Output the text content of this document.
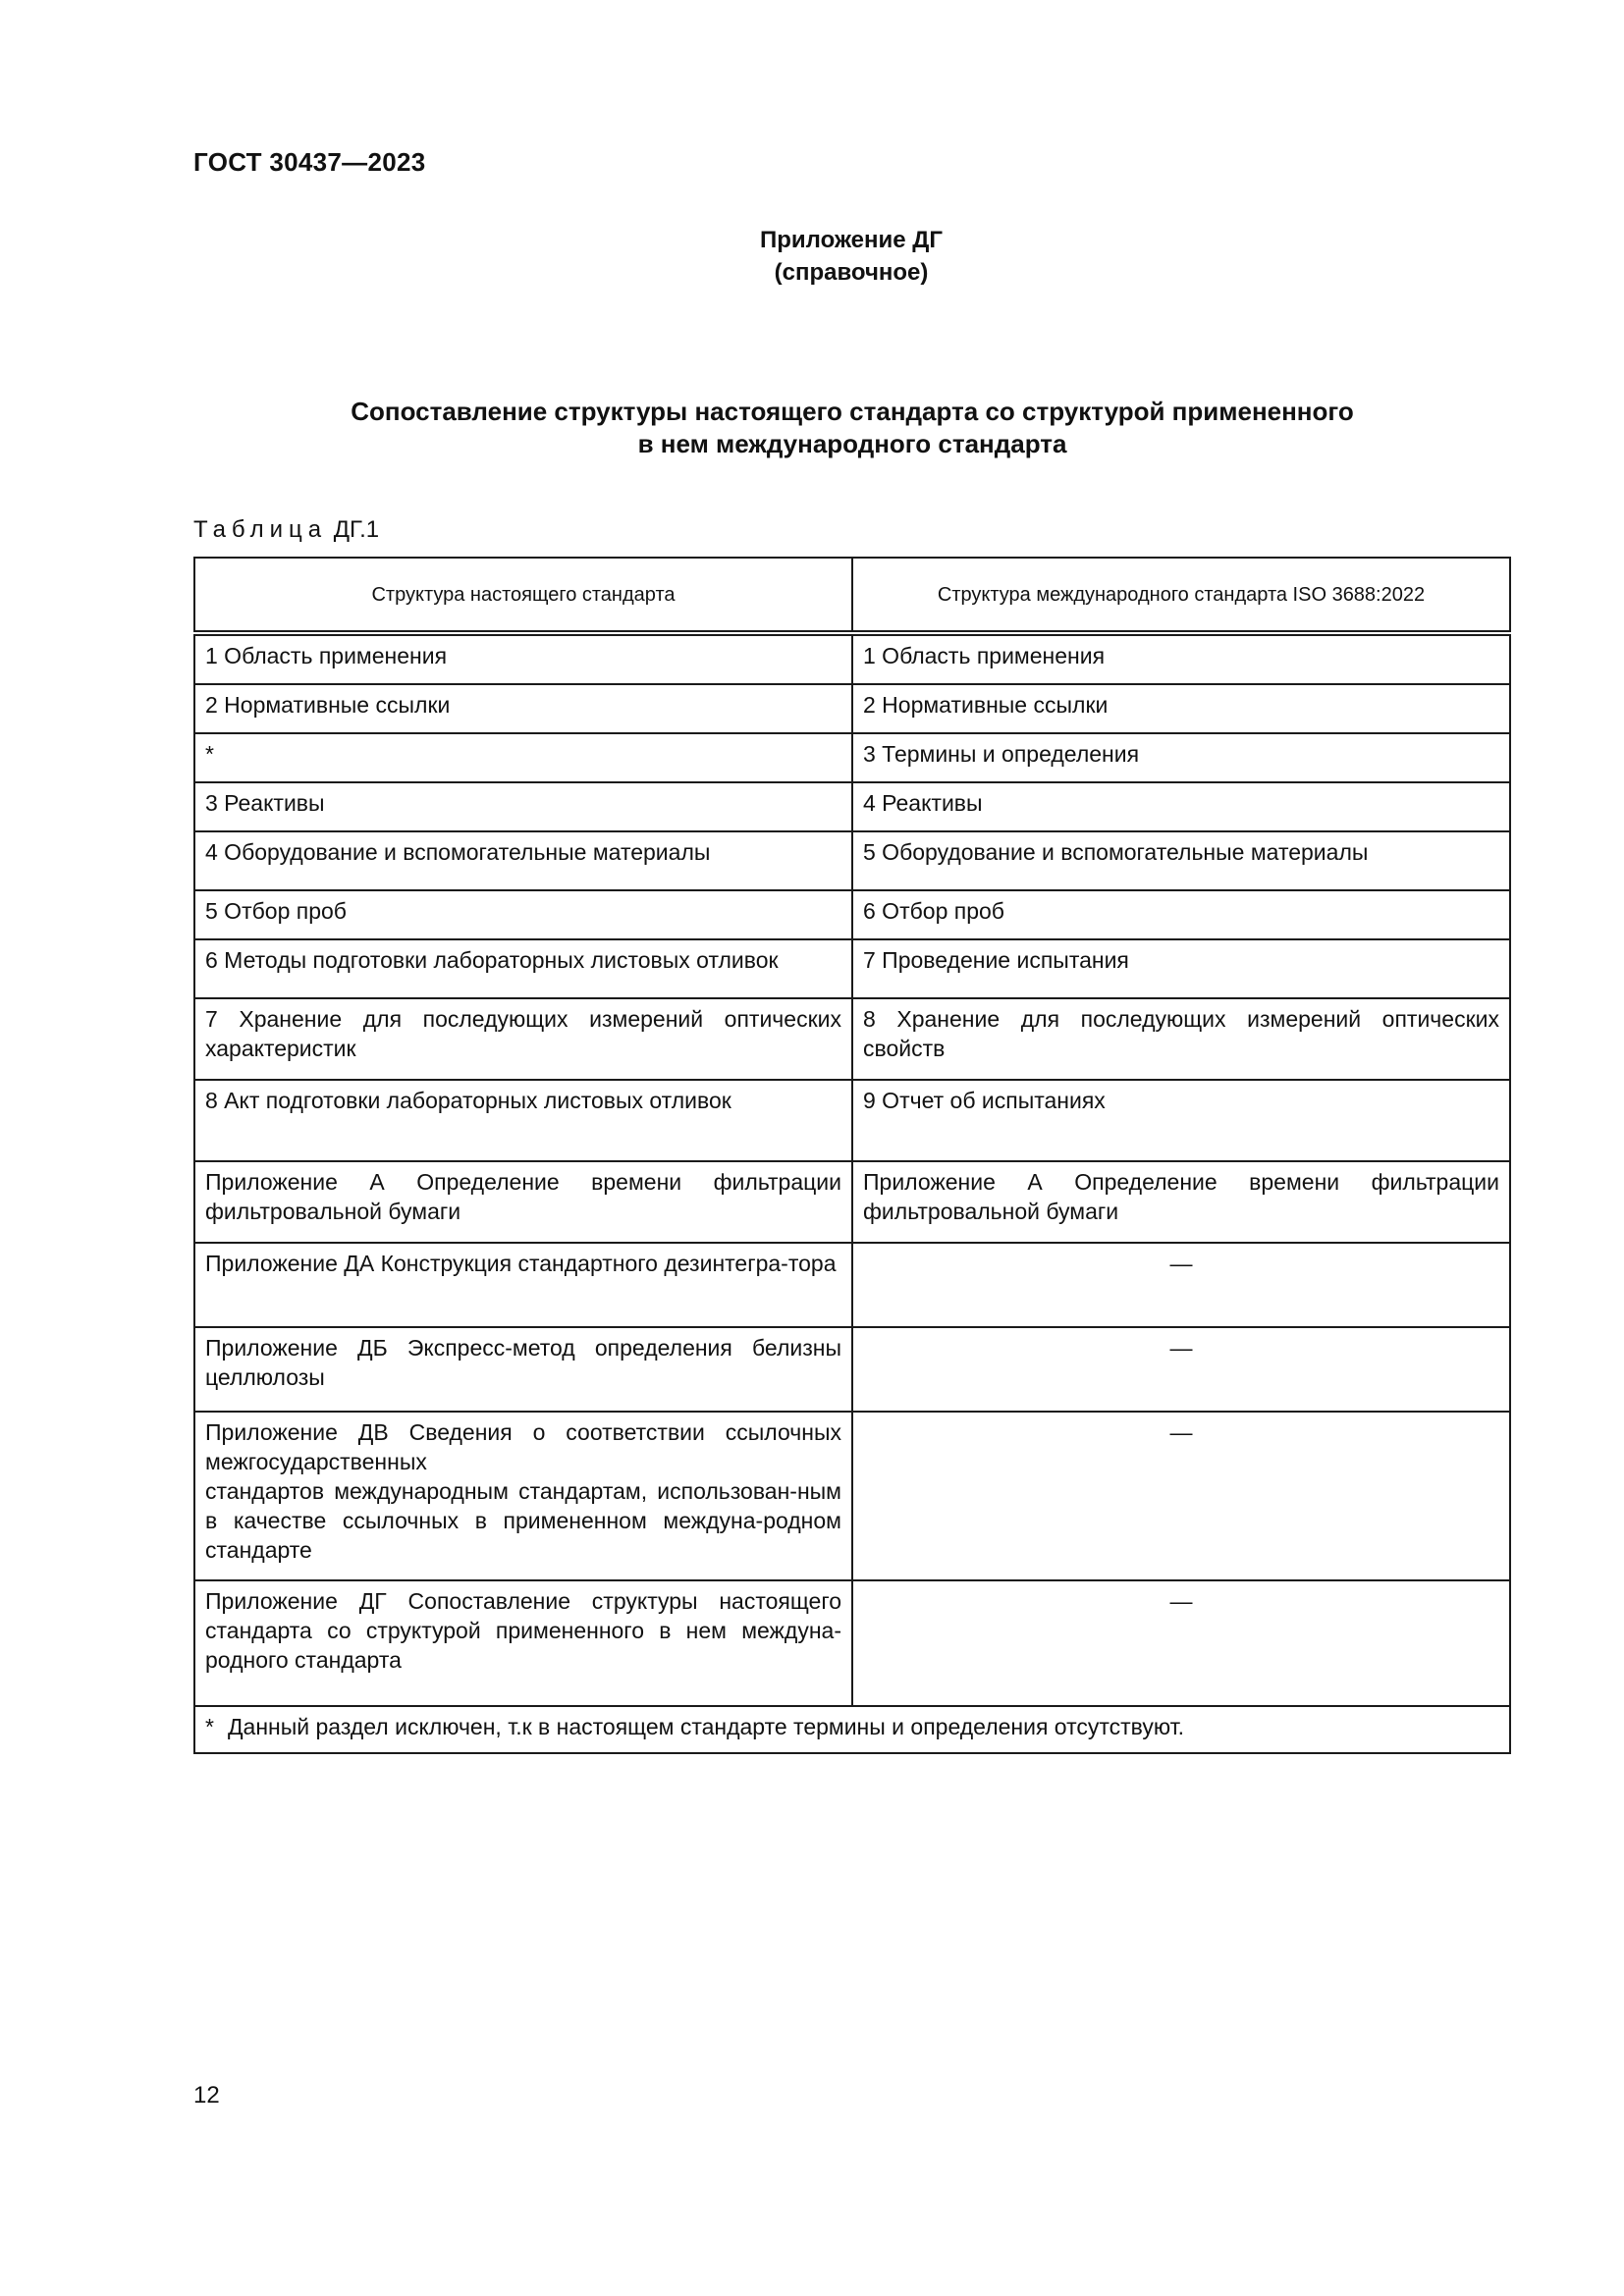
ГОСТ 30437—2023
Приложение ДГ
(справочное)
Сопоставление структуры настоящего стандарта со структурой примененного
в нем международного стандарта
Таблица ДГ.1
Структура настоящего стандарта	Структура международного стандарта ISO 3688:2022
1 Область применения	1 Область применения
2 Нормативные ссылки	2 Нормативные ссылки
*	3 Термины и определения
3 Реактивы	4 Реактивы
4 Оборудование и вспомогательные материалы	5 Оборудование и вспомогательные материалы
5 Отбор проб	6 Отбор проб
6 Методы подготовки лабораторных листовых отливок	7 Проведение испытания
7 Хранение для последующих измерений оптических характеристик	8 Хранение для последующих измерений оптических свойств
8 Акт подготовки лабораторных листовых отливок	9 Отчет об испытаниях
Приложение А Определение времени фильтрации фильтровальной бумаги	Приложение А Определение времени фильтрации фильтровальной бумаги
Приложение ДА Конструкция стандартного дезинтегра-тора	—
Приложение ДБ Экспресс-метод определения белизны целлюлозы	—

Приложение ДВ Сведения о соответствии ссылочных межгосударственных
стандартов международным стандартам, использован-ным в качестве ссылочных в примененном междуна-родном стандарте	—
Приложение ДГ Сопоставление структуры настоящего стандарта со структурой примененного в нем междуна-родного стандарта	—
* Данный раздел исключен, т.к в настоящем стандарте термины и определения отсутствуют.	
12
